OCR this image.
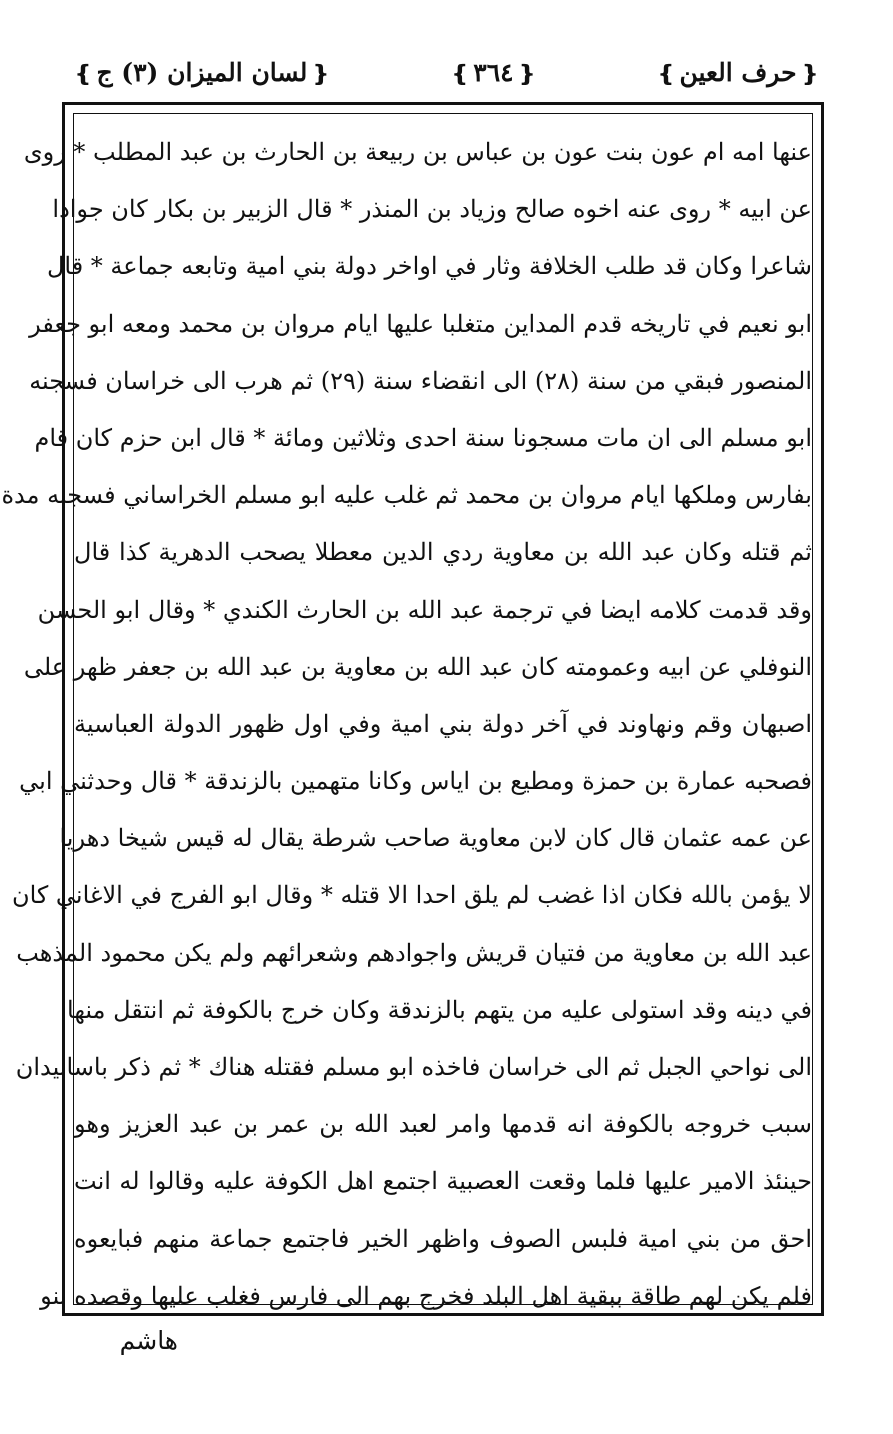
❴لسان الميزان (٣) ج❵	❴٣٦٤❵	❴حرف العين❵
عنها امه ام عون بنت عون بن عباس بن ربيعة بن الحارث بن عبد المطلب * روى
عن ابيه * روى عنه اخوه صالح وزياد بن المنذر * قال الزبير بن بكار كان جوادا
شاعرا وكان قد طلب الخلافة وثار في اواخر دولة بني امية وتابعه جماعة * قال
ابو نعيم في تاريخه قدم المداين متغلبا عليها ايام مروان بن محمد ومعه ابو جعفر
المنصور فبقي من سنة (٢٨) الى انقضاء سنة (٢٩) ثم هرب الى خراسان فسجنه
ابو مسلم الى ان مات مسجونا سنة احدى وثلاثين ومائة * قال ابن حزم كان قام
بفارس وملكها ايام مروان بن محمد ثم غلب عليه ابو مسلم الخراساني فسجنه مدة
ثم قتله وكان عبد الله بن معاوية ردي الدين معطلا يصحب الدهرية كذا قال
وقد قدمت كلامه ايضا في ترجمة عبد الله بن الحارث الكندي * وقال ابو الحسن
النوفلي عن ابيه وعمومته كان عبد الله بن معاوية بن عبد الله بن جعفر ظهر على
اصبهان وقم ونهاوند في آخر دولة بني امية وفي اول ظهور الدولة العباسية
فصحبه عمارة بن حمزة ومطيع بن اياس وكانا متهمين بالزندقة * قال وحدثني ابي
عن عمه عثمان قال كان لابن معاوية صاحب شرطة يقال له قيس شيخا دهريا
لا يؤمن بالله فكان اذا غضب لم يلق احدا الا قتله * وقال ابو الفرج في الاغاني كان
عبد الله بن معاوية من فتيان قريش واجوادهم وشعرائهم ولم يكن محمود المذهب
في دينه وقد استولى عليه من يتهم بالزندقة وكان خرج بالكوفة ثم انتقل منها
الى نواحي الجبل ثم الى خراسان فاخذه ابو مسلم فقتله هناك * ثم ذكر باسانيدان
سبب خروجه بالكوفة انه قدمها وامر لعبد الله بن عمر بن عبد العزيز وهو
حينئذ الامير عليها فلما وقعت العصبية اجتمع اهل الكوفة عليه وقالوا له انت
احق من بني امية فلبس الصوف واظهر الخير فاجتمع جماعة منهم فبايعوه
فلم يكن لهم طاقة ببقية اهل البلد فخرج بهم الى فارس فغلب عليها وقصده بنو
هاشم
